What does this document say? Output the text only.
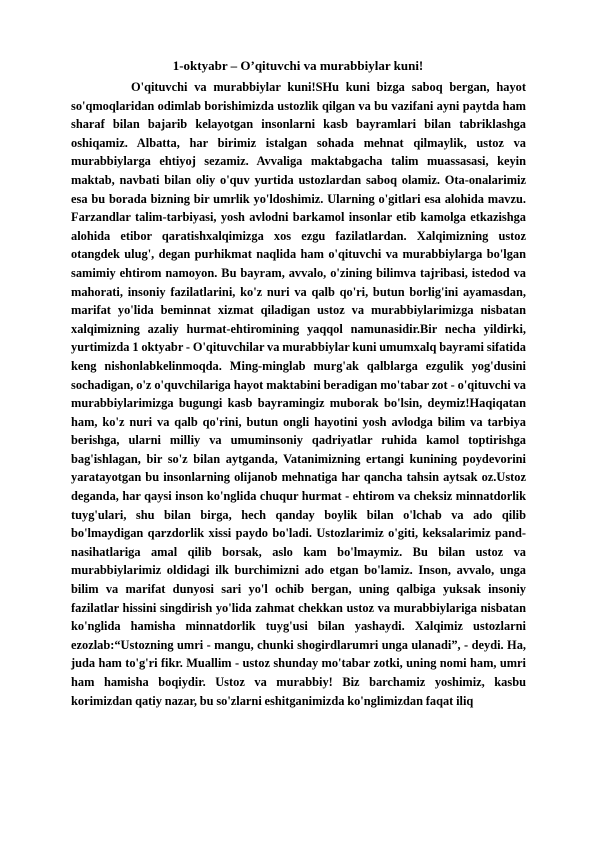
1-oktyabr – O’qituvchi va murabbiylar kuni!

O'qituvchi va murabbiylar kuni!SHu kuni bizga saboq bergan, hayot so'qmoqlaridan odimlab borishimizda ustozlik qilgan va bu vazifani ayni paytda ham sharaf bilan bajarib kelayotgan insonlarni kasb bayramlari bilan tabriklashga oshiqamiz. Albatta, har birimiz istalgan sohada mehnat qilmaylik, ustoz va murabbiylarga ehtiyoj sezamiz. Avvaliga maktabgacha talim muassasasi, keyin maktab, navbati bilan oliy o'quv yurtida ustozlardan saboq olamiz. Ota-onalarimiz esa bu borada bizning bir umrlik yo'ldoshimiz. Ularning o'gitlari esa alohida mavzu. Farzandlar talim-tarbiyasi, yosh avlodni barkamol insonlar etib kamolga etkazishga alohida etibor qaratishxalqimizga xos ezgu fazilatlardan. Xalqimizning ustoz otangdek ulug', degan purhikmat naqlida ham o'qituvchi va murabbiylarga bo'lgan samimiy ehtirom namoyon. Bu bayram, avvalo, o'zining bilimva tajribasi, istedod va mahorati, insoniy fazilatlarini, ko'z nuri va qalb qo'ri, butun borlig'ini ayamasdan, marifat yo'lida beminnat xizmat qiladigan ustoz va murabbiylarimizga nisbatan xalqimizning azaliy hurmat-ehtiromining yaqqol namunasidir.Bir necha yildirki, yurtimizda 1 oktyabr - O'qituvchilar va murabbiylar kuni umumxalq bayrami sifatida keng nishonlabkelinmoqda. Ming-minglab murg'ak qalblarga ezgulik yog'dusini sochadigan, o'z o'quvchilariga hayot maktabini beradigan mo'tabar zot - o'qituvchi va murabbiylarimizga bugungi kasb bayramingiz muborak bo'lsin, deymiz!Haqiqatan ham, ko'z nuri va qalb qo'rini, butun ongli hayotini yosh avlodga bilim va tarbiya berishga, ularni milliy va umuminsoniy qadriyatlar ruhida kamol toptirishga bag'ishlagan, bir so'z bilan aytganda, Vatanimizning ertangi kunining poydevorini yaratayotgan bu insonlarning olijanob mehnatiga har qancha tahsin aytsak oz.Ustoz deganda, har qaysi inson ko'nglida chuqur hurmat - ehtirom va cheksiz minnatdorlik tuyg'ulari, shu bilan birga, hech qanday boylik bilan o'lchab va ado qilib bo'lmaydigan qarzdorlik xissi paydo bo'ladi. Ustozlarimiz o'giti, keksalarimiz pand-nasihatlariga amal qilib borsak, aslo kam bo'lmaymiz. Bu bilan ustoz va murabbiylarimiz oldidagi ilk burchimizni ado etgan bo'lamiz. Inson, avvalo, unga bilim va marifat dunyosi sari yo'l ochib bergan, uning qalbiga yuksak insoniy fazilatlar hissini singdirish yo'lida zahmat chekkan ustoz va murabbiylariga nisbatan ko'nglida hamisha minnatdorlik tuyg'usi bilan yashaydi. Xalqimiz ustozlarni ezozlab:“Ustozning umri - mangu, chunki shogirdlarumri unga ulanadi”, - deydi. Ha, juda ham to'g'ri fikr. Muallim - ustoz shunday mo'tabar zotki, uning nomi ham, umri ham hamisha boqiydir. Ustoz va murabbiy! Biz barchamiz yoshimiz, kasbu korimizdan qatiy nazar, bu so'zlarni eshitganimizda ko'nglimizdan faqat iliq
